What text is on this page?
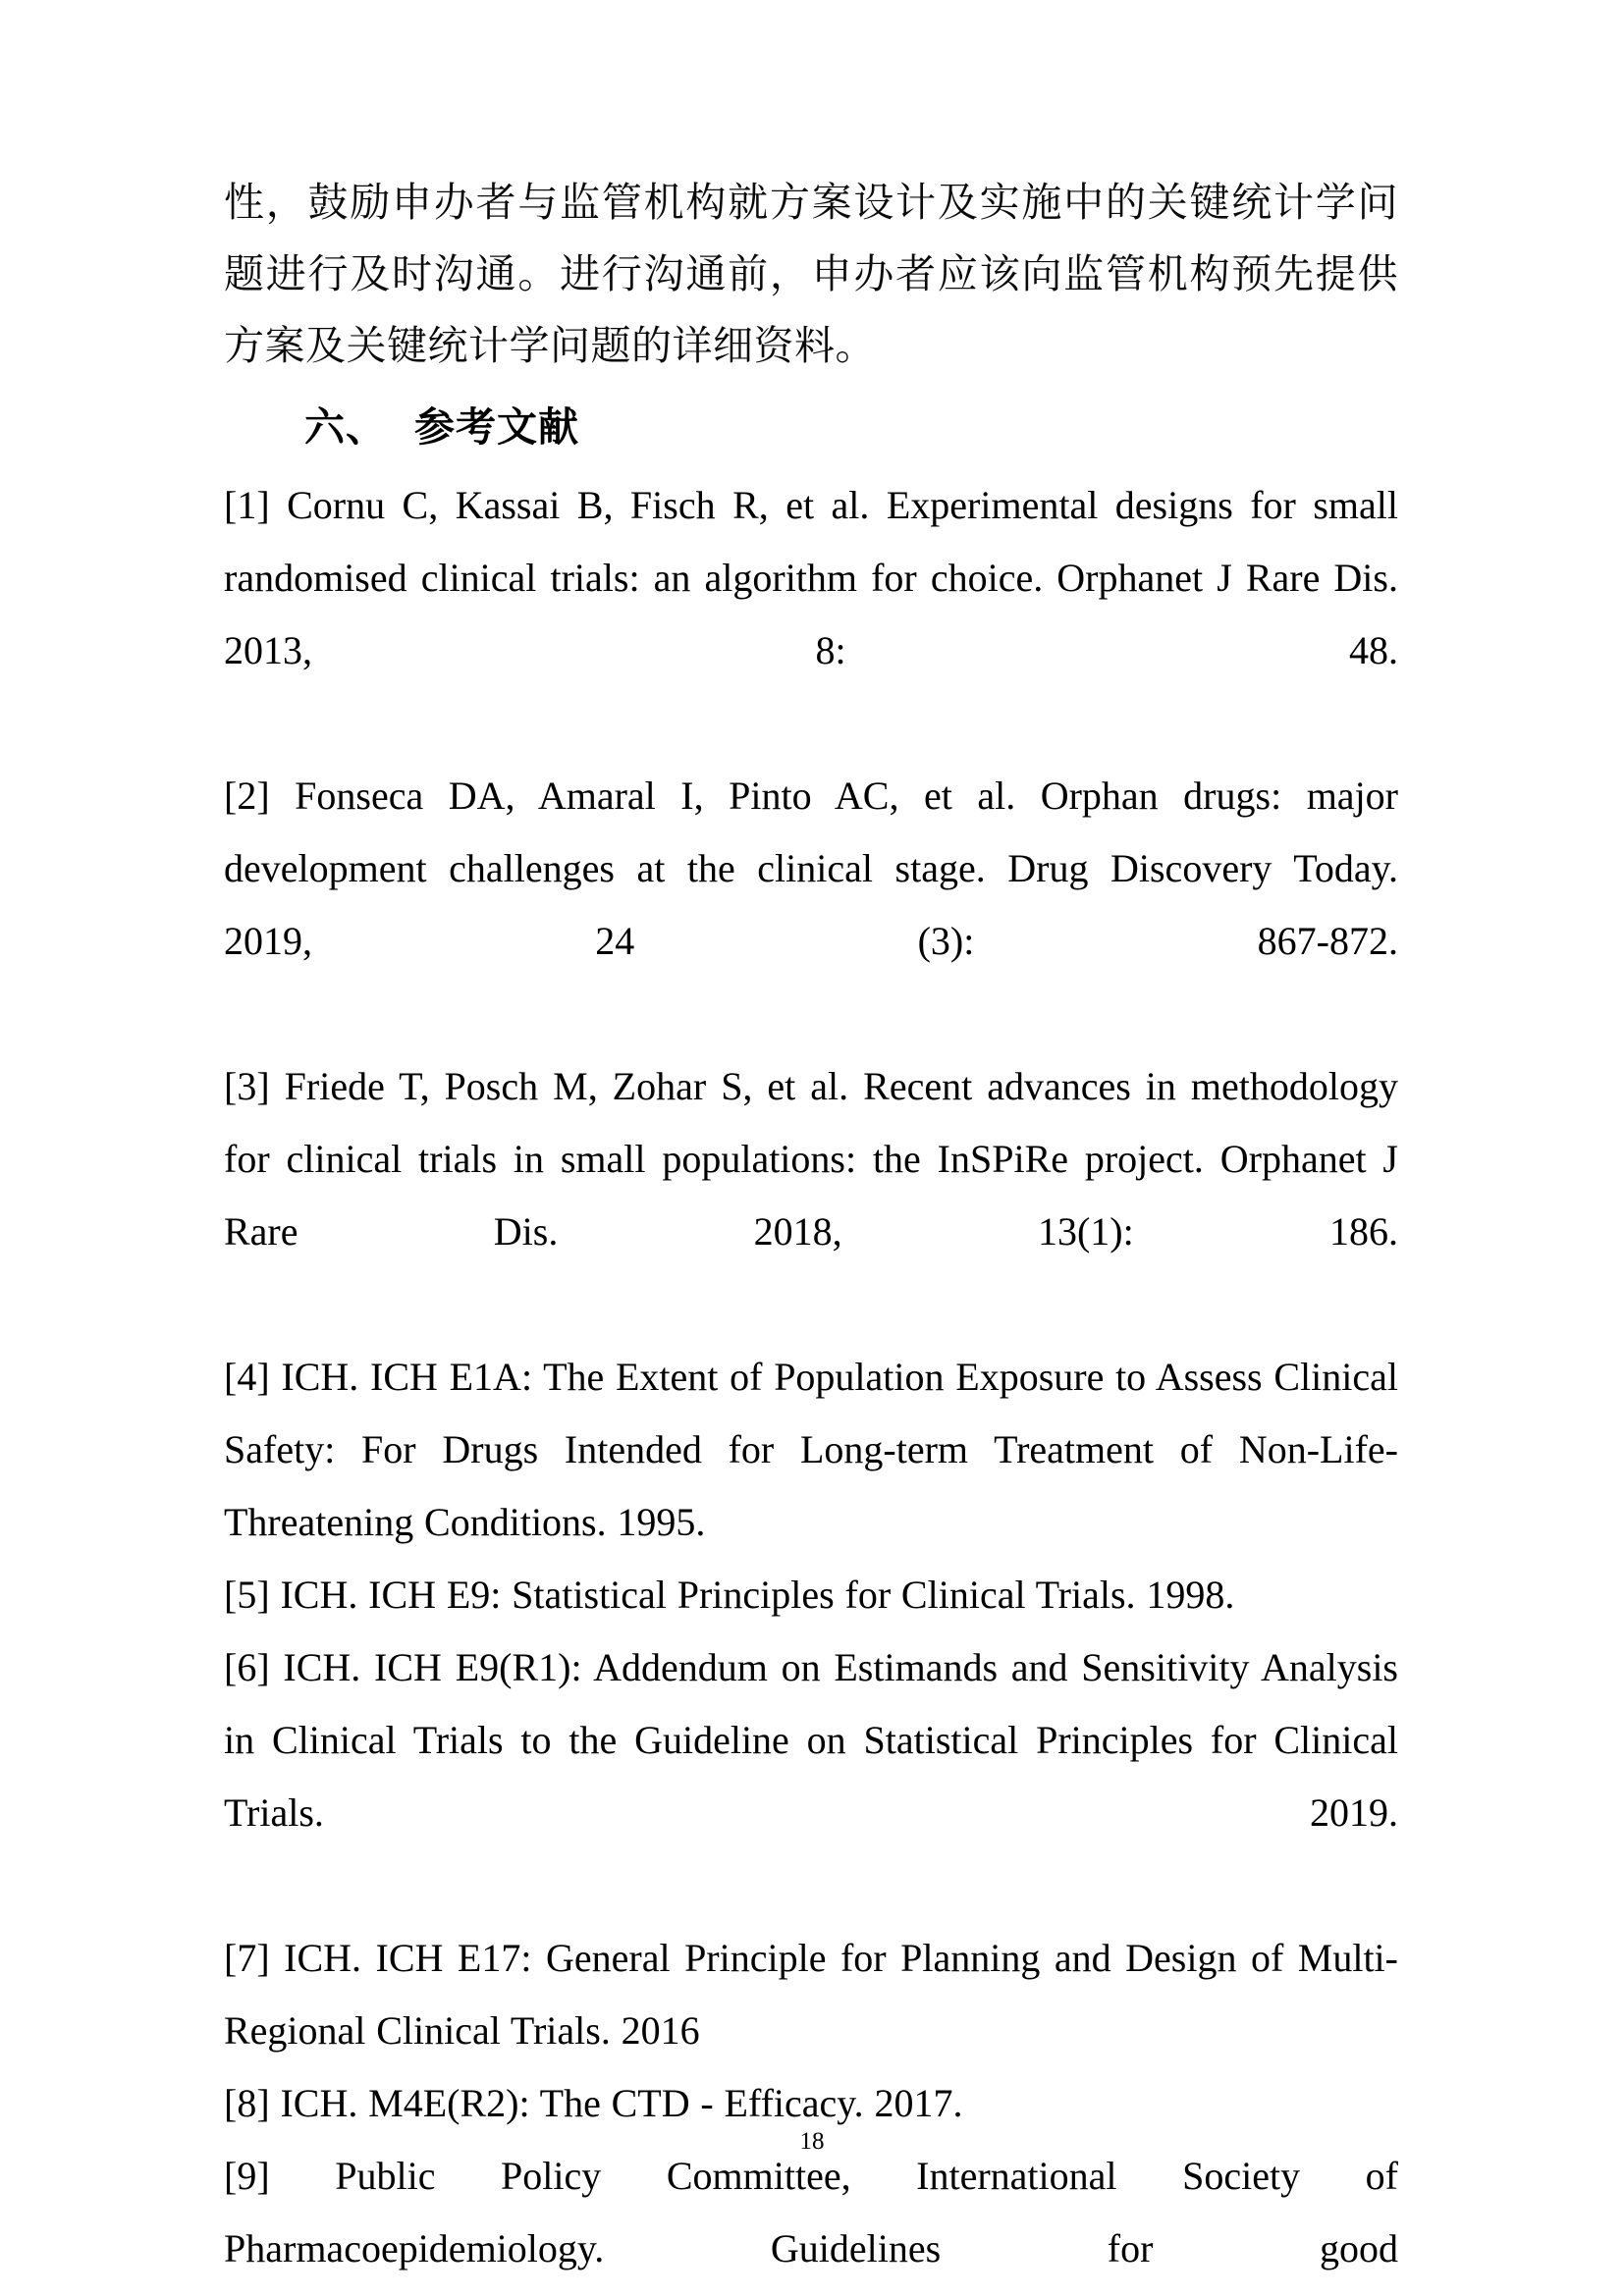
性，鼓励申办者与监管机构就方案设计及实施中的关键统计学问题进行及时沟通。进行沟通前，申办者应该向监管机构预先提供方案及关键统计学问题的详细资料。

六、 参考文献
[1] Cornu C, Kassai B, Fisch R, et al. Experimental designs for small randomised clinical trials: an algorithm for choice. Orphanet J Rare Dis. 2013, 8: 48.
[2] Fonseca DA, Amaral I, Pinto AC, et al. Orphan drugs: major development challenges at the clinical stage. Drug Discovery Today. 2019, 24 (3): 867-872.
[3] Friede T, Posch M, Zohar S, et al. Recent advances in methodology for clinical trials in small populations: the InSPiRe project. Orphanet J Rare Dis. 2018, 13(1): 186.
[4] ICH. ICH E1A: The Extent of Population Exposure to Assess Clinical Safety: For Drugs Intended for Long-term Treatment of Non-Life-Threatening Conditions. 1995.
[5] ICH. ICH E9: Statistical Principles for Clinical Trials. 1998.
[6] ICH. ICH E9(R1): Addendum on Estimands and Sensitivity Analysis in Clinical Trials to the Guideline on Statistical Principles for Clinical Trials. 2019.
[7] ICH. ICH E17: General Principle for Planning and Design of Multi-Regional Clinical Trials. 2016
[8] ICH. M4E(R2): The CTD - Efficacy. 2017.
[9] Public Policy Committee, International Society of Pharmacoepidemiology. Guidelines for good
18
